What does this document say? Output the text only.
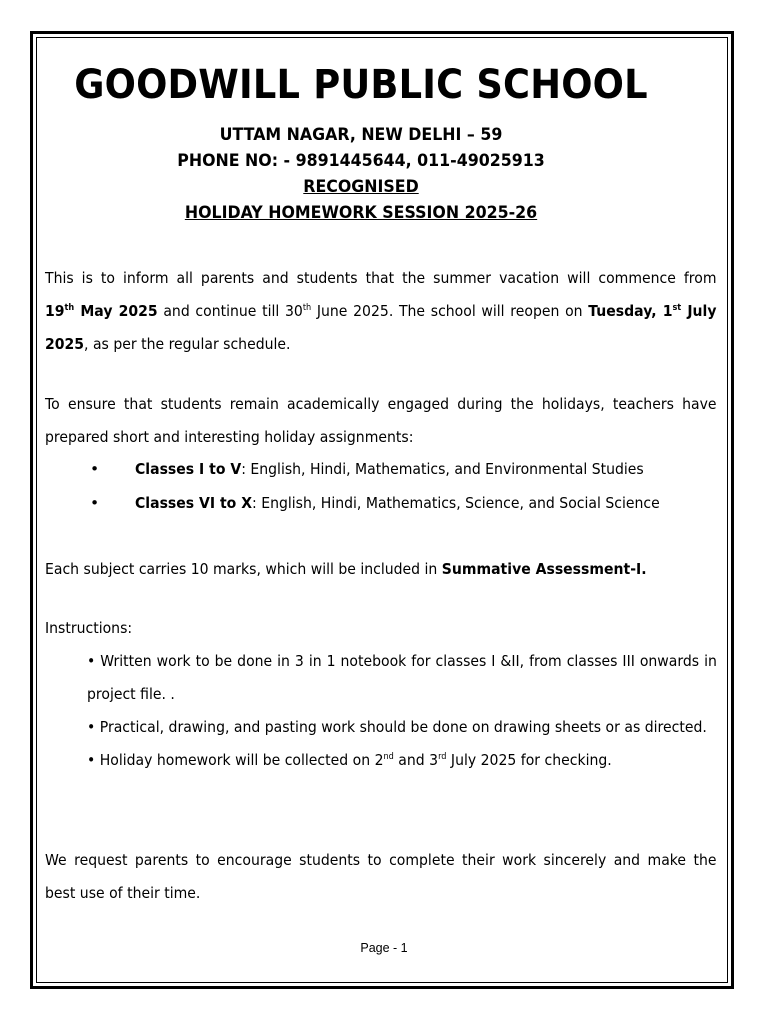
GOODWILL PUBLIC SCHOOL
UTTAM NAGAR, NEW DELHI – 59
PHONE NO: - 9891445644, 011-49025913
RECOGNISED
HOLIDAY HOMEWORK SESSION 2025-26
This is to inform all parents and students that the summer vacation will commence from
19th May 2025 and continue till 30th June 2025. The school will reopen on Tuesday, 1st July
2025, as per the regular schedule.
To ensure that students remain academically engaged during the holidays, teachers have
prepared short and interesting holiday assignments:
• Classes I to V: English, Hindi, Mathematics, and Environmental Studies
• Classes VI to X: English, Hindi, Mathematics, Science, and Social Science
Each subject carries 10 marks, which will be included in Summative Assessment-I.
Instructions:
• Written work to be done in 3 in 1 notebook for classes I &II, from classes III onwards in
project file. .
• Practical, drawing, and pasting work should be done on drawing sheets or as directed.
• Holiday homework will be collected on 2nd and 3rd July 2025 for checking.
We request parents to encourage students to complete their work sincerely and make the
best use of their time.
Page - 1
